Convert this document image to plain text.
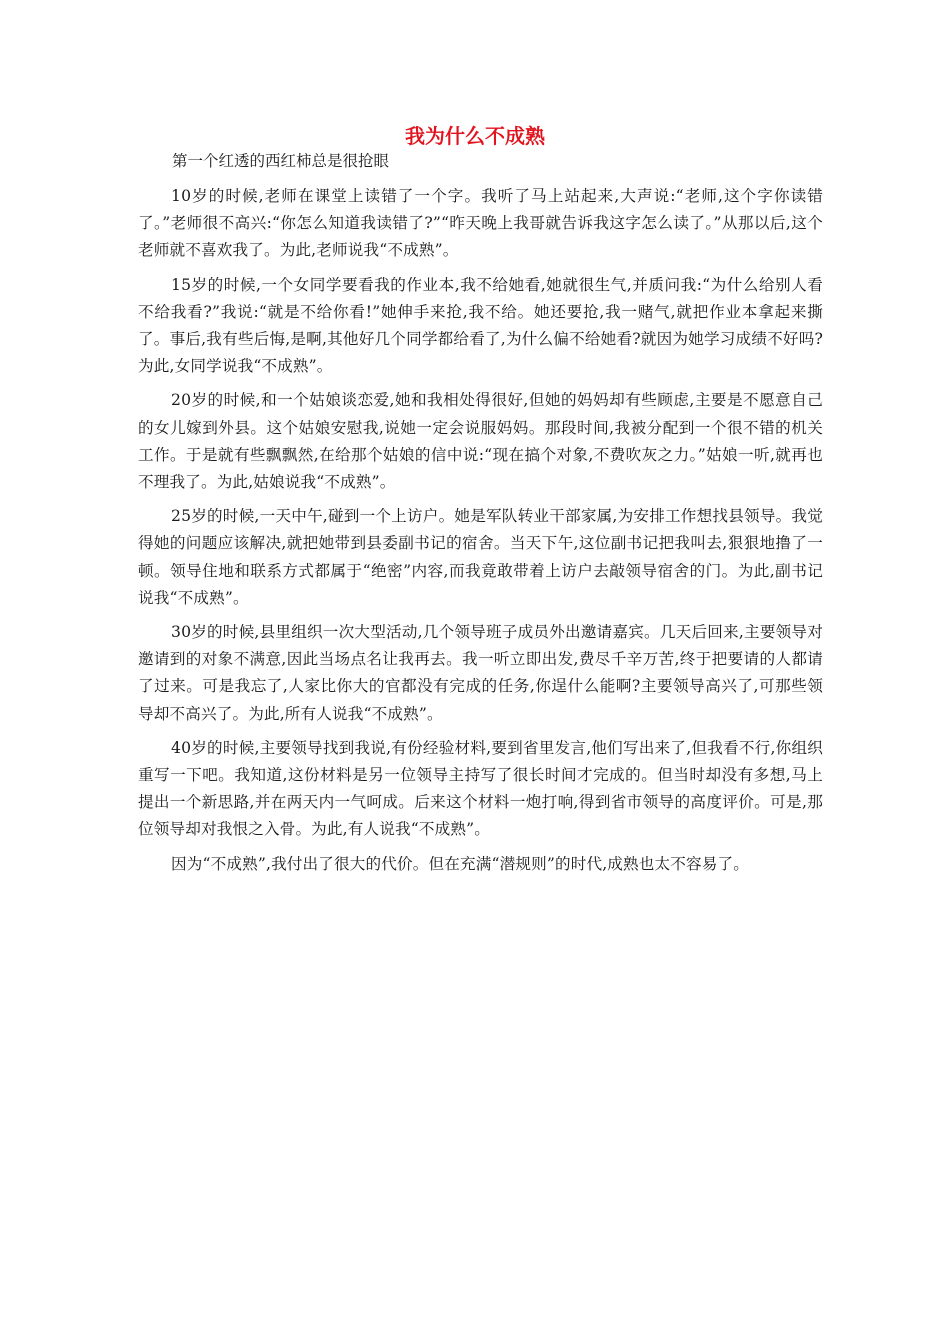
我为什么不成熟
第一个红透的西红柿总是很抢眼

10岁的时候,老师在课堂上读错了一个字。我听了马上站起来,大声说:“老师,这个字你读错了。”老师很不高兴:“你怎么知道我读错了?”“昨天晚上我哥就告诉我这字怎么读了。”从那以后,这个老师就不喜欢我了。为此,老师说我“不成熟”。

15岁的时候,一个女同学要看我的作业本,我不给她看,她就很生气,并质问我:“为什么给别人看不给我看?”我说:“就是不给你看!”她伸手来抢,我不给。她还要抢,我一赌气,就把作业本拿起来撕了。事后,我有些后悔,是啊,其他好几个同学都给看了,为什么偏不给她看?就因为她学习成绩不好吗?为此,女同学说我“不成熟”。

20岁的时候,和一个姑娘谈恋爱,她和我相处得很好,但她的妈妈却有些顾虑,主要是不愿意自己的女儿嫁到外县。这个姑娘安慰我,说她一定会说服妈妈。那段时间,我被分配到一个很不错的机关工作。于是就有些飘飘然,在给那个姑娘的信中说:“现在搞个对象,不费吹灰之力。”姑娘一听,就再也不理我了。为此,姑娘说我“不成熟”。

25岁的时候,一天中午,碰到一个上访户。她是军队转业干部家属,为安排工作想找县领导。我觉得她的问题应该解决,就把她带到县委副书记的宿舍。当天下午,这位副书记把我叫去,狠狠地撸了一顿。领导住地和联系方式都属于“绝密”内容,而我竟敢带着上访户去敲领导宿舍的门。为此,副书记说我“不成熟”。

30岁的时候,县里组织一次大型活动,几个领导班子成员外出邀请嘉宾。几天后回来,主要领导对邀请到的对象不满意,因此当场点名让我再去。我一听立即出发,费尽千辛万苦,终于把要请的人都请了过来。可是我忘了,人家比你大的官都没有完成的任务,你逞什么能啊?主要领导高兴了,可那些领导却不高兴了。为此,所有人说我“不成熟”。

40岁的时候,主要领导找到我说,有份经验材料,要到省里发言,他们写出来了,但我看不行,你组织重写一下吧。我知道,这份材料是另一位领导主持写了很长时间才完成的。但当时却没有多想,马上提出一个新思路,并在两天内一气呵成。后来这个材料一炮打响,得到省市领导的高度评价。可是,那位领导却对我恨之入骨。为此,有人说我“不成熟”。

因为“不成熟”,我付出了很大的代价。但在充满“潜规则”的时代,成熟也太不容易了。
